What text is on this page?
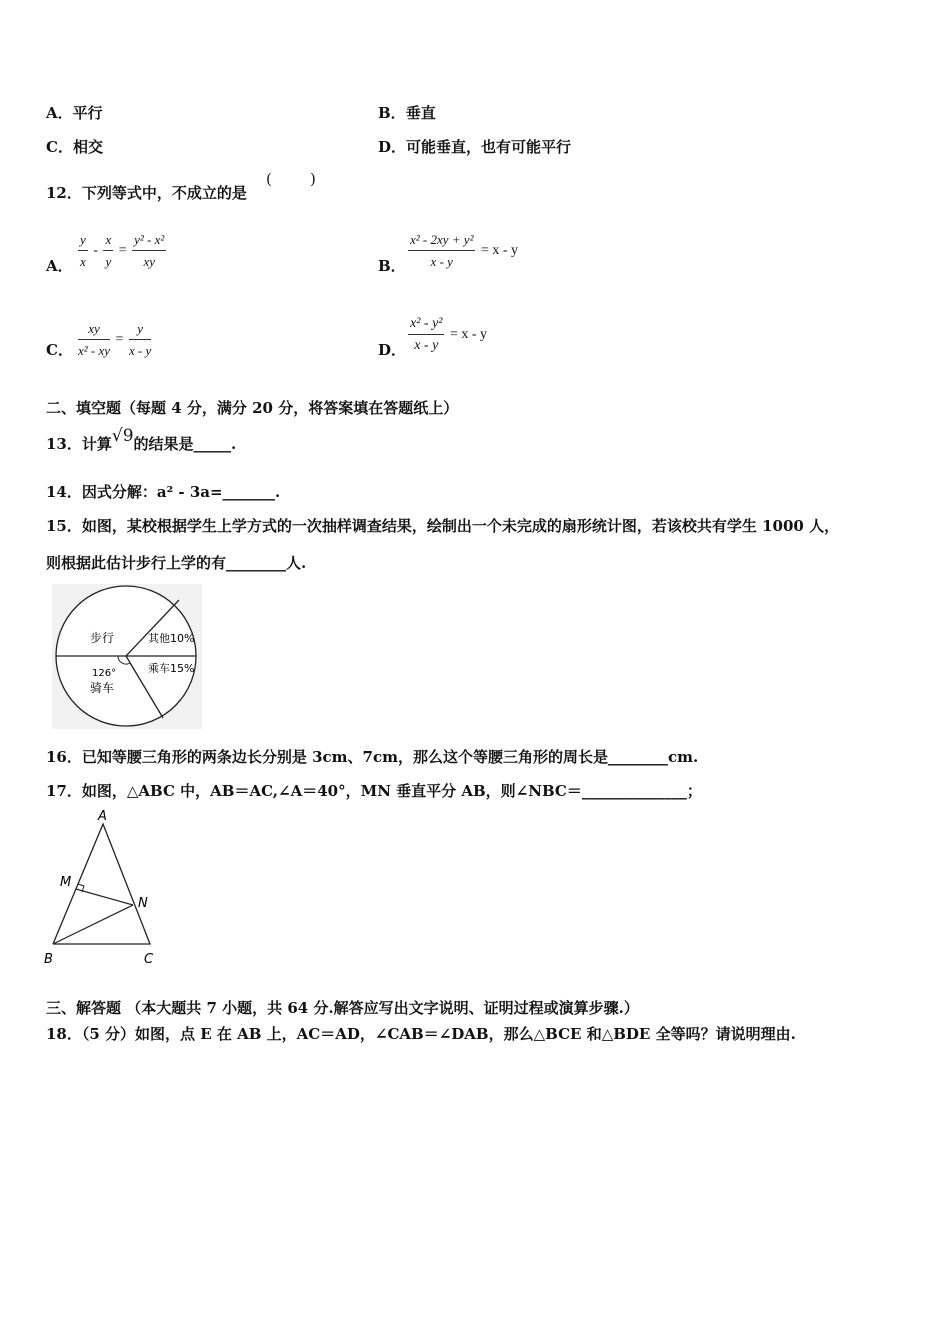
A．平行	B．垂直
C．相交	D．可能垂直，也有可能平行
12．下列等式中，不成立的是
(        )
A． $\frac{y}{x} - \frac{x}{y} = \frac{\text{y² - x²}}{xy}$	B． $\frac{\text{x² - 2xy + y²}}{x - y} = x - y$
C． $\frac{xy}{\text{x² - xy}} = \frac{y}{x - y}$	D． $\frac{\text{x² - y²}}{x - y} = x - y$
二、填空题（每题 4 分，满分 20 分，将答案填在答题纸上）
13．计算√9的结果是_____.
14．因式分解：a² - 3a=_______.
15．如图，某校根据学生上学方式的一次抽样调查结果，绘制出一个未完成的扇形统计图，若该校共有学生 1000 人，
则根据此估计步行上学的有________人.
步行	其他10%
乘车15%
126°
骑车
16．已知等腰三角形的两条边长分别是 3cm、7cm，那么这个等腰三角形的周长是________cm.
17．如图，△ABC 中，AB＝AC,∠A＝40°，MN 垂直平分 AB，则∠NBC＝______________；
A
B	C
M
N
三、解答题 （本大题共 7 小题，共 64 分.解答应写出文字说明、证明过程或演算步骤.）
18．（5 分）如图，点 E 在 AB 上，AC＝AD，∠CAB＝∠DAB，那么△BCE 和△BDE 全等吗？请说明理由.
